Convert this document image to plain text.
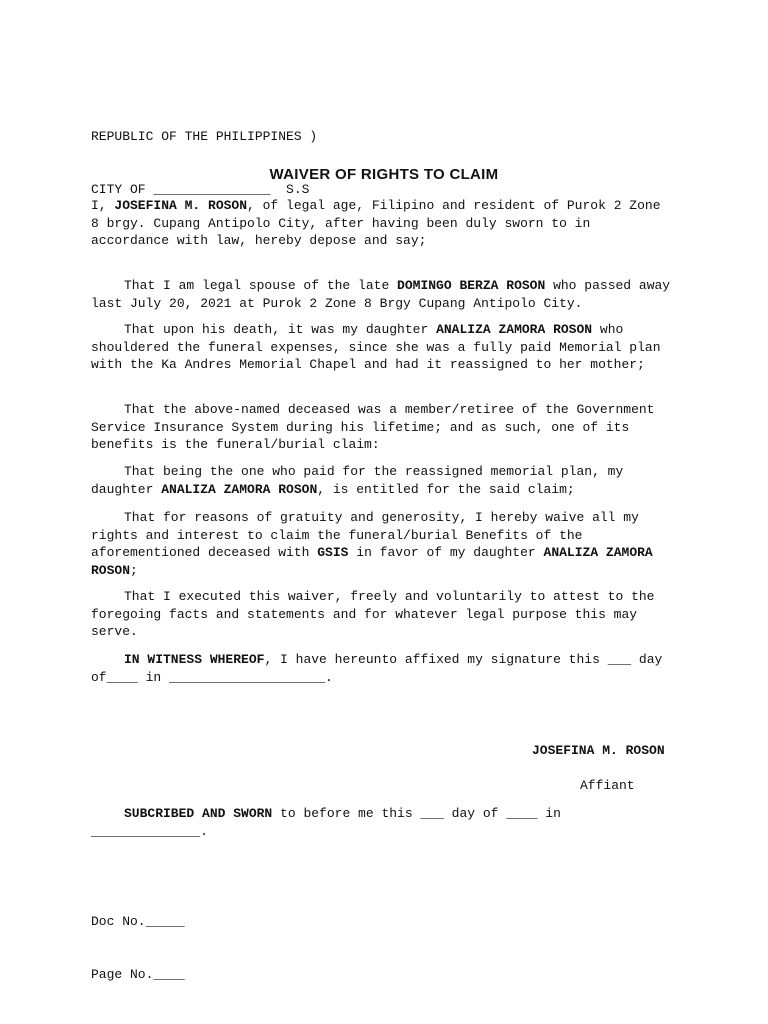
REPUBLIC OF THE PHILIPPINES )

CITY OF _______________  S.S

WAIVER OF RIGHTS TO CLAIM

I, JOSEFINA M. ROSON, of legal age, Filipino and resident of Purok 2 Zone 8 brgy. Cupang Antipolo City, after having been duly sworn to in accordance with law, hereby depose and say;

That I am legal spouse of the late DOMINGO BERZA ROSON who passed away last July 20, 2021 at Purok 2 Zone 8 Brgy Cupang Antipolo City.

That upon his death, it was my daughter ANALIZA ZAMORA ROSON who shouldered the funeral expenses, since she was a fully paid Memorial plan with the Ka Andres Memorial Chapel and had it reassigned to her mother;

That the above-named deceased was a member/retiree of the Government Service Insurance System during his lifetime; and as such, one of its benefits is the funeral/burial claim:

That being the one who paid for the reassigned memorial plan, my daughter ANALIZA ZAMORA ROSON, is entitled for the said claim;

That for reasons of gratuity and generosity, I hereby waive all my rights and interest to claim the funeral/burial Benefits of the aforementioned deceased with GSIS in favor of my daughter ANALIZA ZAMORA ROSON;

That I executed this waiver, freely and voluntarily to attest to the foregoing facts and statements and for whatever legal purpose this may serve.

IN WITNESS WHEREOF, I have hereunto affixed my signature this ___ day of____ in ____________________.

JOSEFINA M. ROSON
Affiant

SUBCRIBED AND SWORN to before me this ___ day of ____ in ______________.

Doc No._____

Page No.____
